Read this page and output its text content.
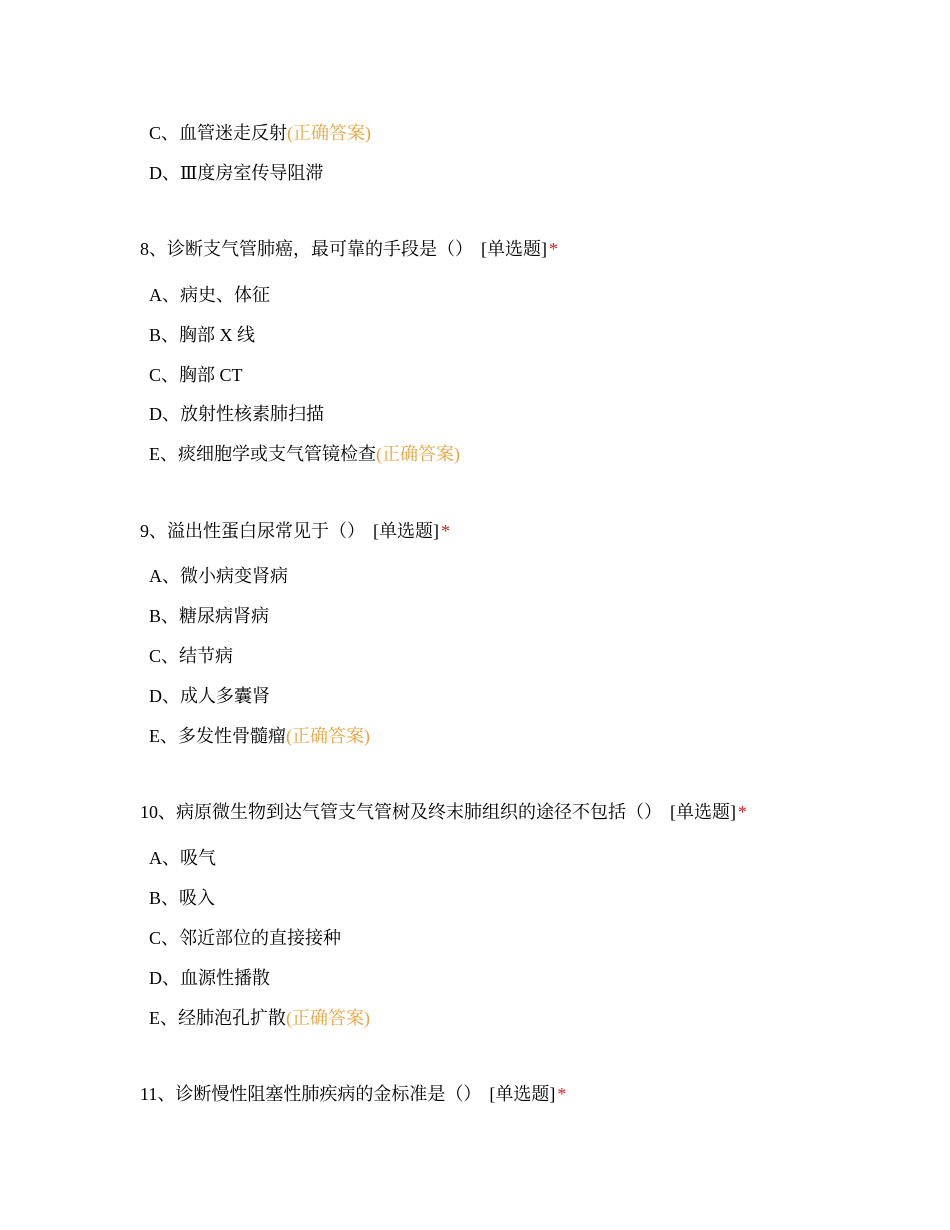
C、血管迷走反射(正确答案)
D、Ⅲ度房室传导阻滞
8、诊断支气管肺癌，最可靠的手段是（） [单选题] *
A、病史、体征
B、胸部 X 线
C、胸部 CT
D、放射性核素肺扫描
E、痰细胞学或支气管镜检查(正确答案)
9、溢出性蛋白尿常见于（） [单选题] *
A、微小病变肾病
B、糖尿病肾病
C、结节病
D、成人多囊肾
E、多发性骨髓瘤(正确答案)
10、病原微生物到达气管支气管树及终末肺组织的途径不包括（） [单选题] *
A、吸气
B、吸入
C、邻近部位的直接接种
D、血源性播散
E、经肺泡孔扩散(正确答案)
11、诊断慢性阻塞性肺疾病的金标准是（） [单选题] *
